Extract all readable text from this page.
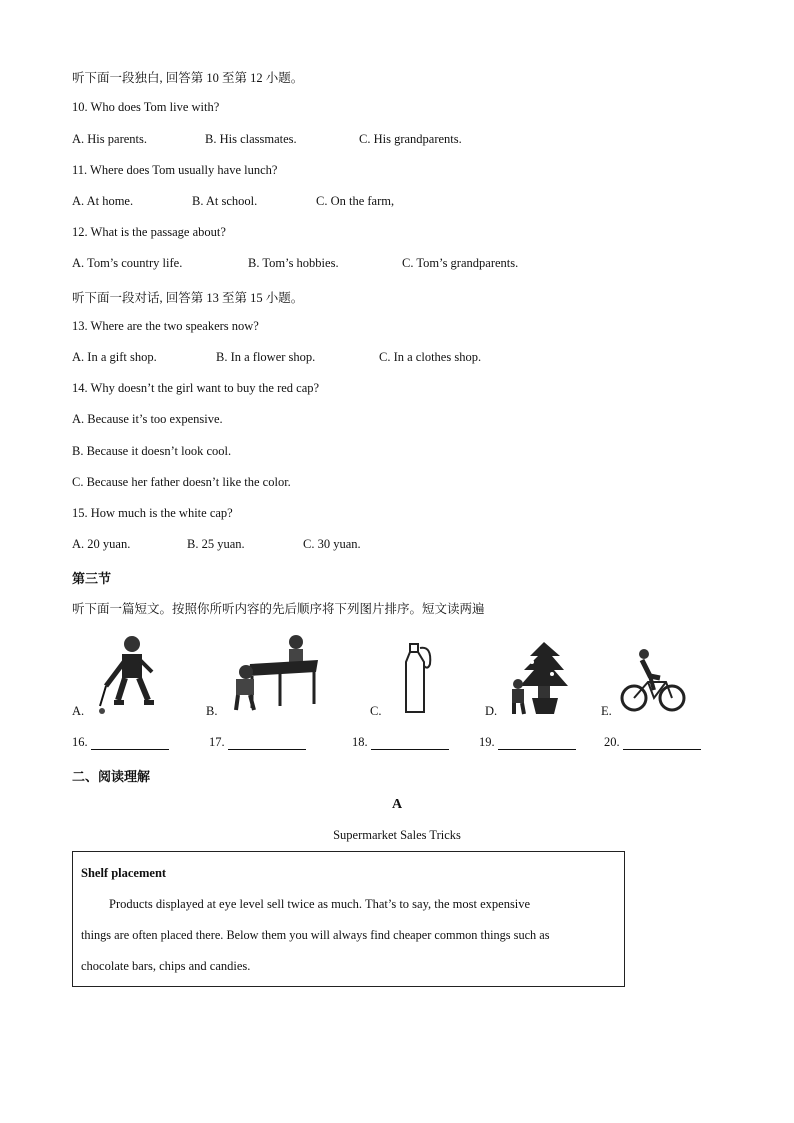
听下面一段独白, 回答第 10 至第 12 小题。
10. Who does Tom live with?
A. His parents.	B. His classmates.	C. His grandparents.
11. Where does Tom usually have lunch?
A. At home.	B. At school.	C. On the farm,
12. What is the passage about?
A. Tom’s country life.	B. Tom’s hobbies.	C. Tom’s grandparents.
听下面一段对话, 回答第 13 至第 15 小题。
13. Where are the two speakers now?
A. In a gift shop.	B. In a flower shop.	C. In a clothes shop.
14. Why doesn’t the girl want to buy the red cap?
A. Because it’s too expensive.
B. Because it doesn’t look cool.
C. Because her father doesn’t like the color.
15. How much is the white cap?
A. 20 yuan.	B. 25 yuan.	C. 30 yuan.
第三节
听下面一篇短文。按照你所听内容的先后顺序将下列图片排序。短文读两遍
A.	B.	C.	D.	E.
16.	17.	18.	19.	20.
二、阅读理解
A
Supermarket Sales Tricks
Shelf placement
Products displayed at eye level sell twice as much. That’s to say, the most expensive
things are often placed there. Below them you will always find cheaper common things such as
chocolate bars, chips and candies.
